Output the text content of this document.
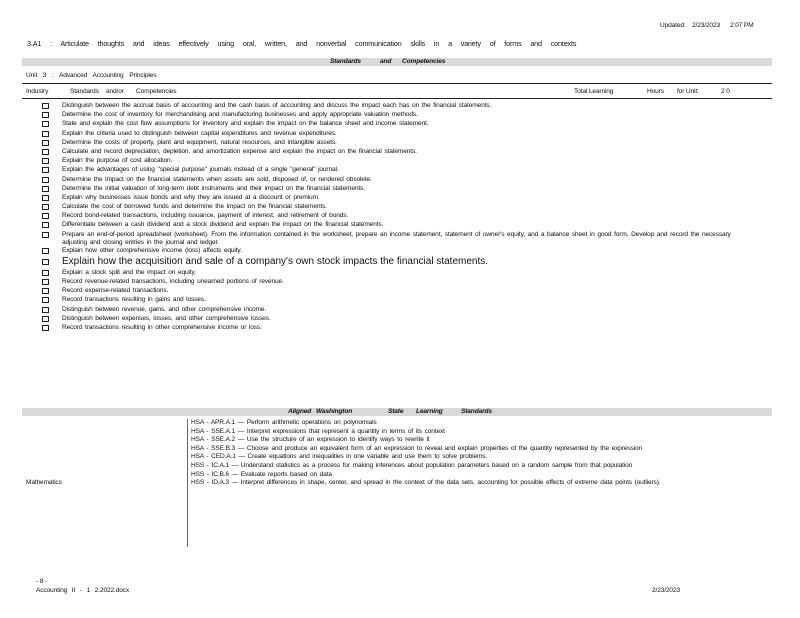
Updated: 2/23/2023 2:07 PM
3.A1 : Articulate thoughts and ideas effectively using oral, written, and nonverbal communication skills in a variety of forms and contexts
Standards	and Competencies
Unit 3 : Advanced Accounting Principles
Industry	Standards and/or Competencies	Total Learning	Hours for Unit:	2 0
Distinguish between the accrual basis of accounting and the cash basis of accounting and discuss the impact each has on the financial statements.
Determine the cost of inventory for merchandising and manufacturing businesses and apply appropriate valuation methods.
State and explain the cost flow assumptions for inventory and explain the impact on the balance sheet and income statement.
Explain the criteria used to distinguish between capital expenditures and revenue expenditures.
Determine the costs of property, plant and equipment, natural resources, and intangible assets.
Calculate and record depreciation, depletion, and amortization expense and explain the impact on the financial statements.
Explain the purpose of cost allocation.
Explain the advantages of using "special purpose" journals instead of a single "general" journal.
Determine the impact on the financial statements when assets are sold, disposed of, or rendered obsolete.
Determine the initial valuation of long-term debt instruments and their impact on the financial statements.
Explain why businesses issue bonds and why they are issued at a discount or premium.
Calculate the cost of borrowed funds and determine the impact on the financial statements.
Record bond-related transactions, including issuance, payment of interest, and retirement of bonds.
Differentiate between a cash dividend and a stock dividend and explain the impact on the financial statements.
Prepare an end-of-period spreadsheet (worksheet). From the information contained in the worksheet, prepare an income statement, statement of owner's equity, and a balance sheet in good form. Develop and record the necessary adjusting and closing entries in the journal and ledger.
Explain how other comprehensive income (loss) affects equity.
Explain how the acquisition and sale of a company's own stock impacts the financial statements.
Explain a stock split and the impact on equity.
Record revenue-related transactions, including unearned portions of revenue.
Record expense-related transactions.
Record transactions resulting in gains and losses.
Distinguish between revenue, gains, and other comprehensive income.
Distinguish between expenses, losses, and other comprehensive losses.
Record transactions resulting in other comprehensive income or loss.
Aligned Washington	State Learning	Standards
Mathematics
HSA - APR.A.1 — Perform arithmetic operations on polynomials
HSA - SSE.A.1 — Interpret expressions that represent a quantity in terms of its context
HSA - SSE.A.2 — Use the structure of an expression to identify ways to rewrite it
HSA - SSE.B.3 — Choose and produce an equivalent form of an expression to reveal and explain properties of the quantity represented by the expression
HSA - CED.A.1 — Create equations and inequalities in one variable and use them to solve problems.
HSS - IC.A.1 — Understand statistics as a process for making inferences about population parameters based on a random sample from that population
HSS - IC.B.6 — Evaluate reports based on data
HSS - ID.A.3 — Interpret differences in shape, center, and spread in the context of the data sets, accounting for possible effects of extreme data points (outliers).
- 8 -
Accounting II - 1 2.2022.docx	2/23/2023
